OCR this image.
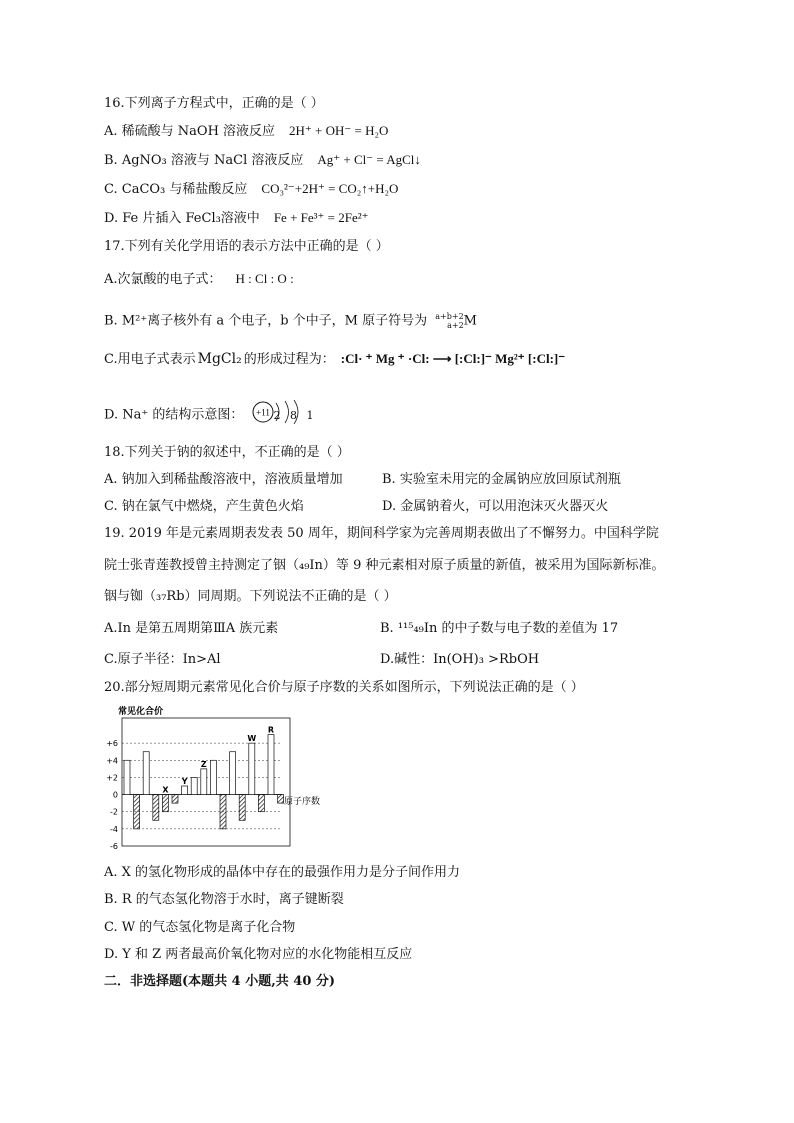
16.下列离子方程式中，正确的是（ ）
A. 稀硫酸与 NaOH 溶液反应 2H⁺ + OH⁻ = H₂O
B. AgNO₃ 溶液与 NaCl 溶液反应 Ag⁺ + Cl⁻ = AgCl↓
C. CaCO₃ 与稀盐酸反应 CO₃²⁻+2H⁺ = CO₂↑+H₂O
D. Fe 片插入 FeCl₃溶液中 Fe + Fe³⁺ = 2Fe²⁺
17.下列有关化学用语的表示方法中正确的是（ ）
A.次氯酸的电子式： H : Cl : O :
B. M²⁺离子核外有 a 个电子，b 个中子，M 原子符号为 a+b+2
a+2M
C.用电子式表示 MgCl₂ 的形成过程为： :Cl· ⁺ Mg ⁺ ·Cl: ⟶ [:Cl:]⁻ Mg²⁺ [:Cl:]⁻
D. Na⁺ 的结构示意图： +11 2 8 1
18.下列关于钠的叙述中，不正确的是（ ）
A. 钠加入到稀盐酸溶液中，溶液质量增加	B. 实验室未用完的金属钠应放回原试剂瓶
C. 钠在氯气中燃烧，产生黄色火焰	D. 金属钠着火，可以用泡沫灭火器灭火
19. 2019 年是元素周期表发表 50 周年，期间科学家为完善周期表做出了不懈努力。中国科学院
院士张青莲教授曾主持测定了铟（₄₉In）等 9 种元素相对原子质量的新值，被采用为国际新标准。
铟与铷（₃₇Rb）同周期。下列说法不正确的是（ ）
A.In 是第五周期第ⅢA 族元素	B. ¹¹⁵₄₉In 的中子数与电子数的差值为 17
C.原子半径：In>Al	D.碱性：In(OH)₃ >RbOH
20.部分短周期元素常见化合价与原子序数的关系如图所示，下列说法正确的是（ ）
常见化合价
+6
+4
+2
0
-2
-4
-6
X
Y
Z
W
R
原子序数
A. X 的氢化物形成的晶体中存在的最强作用力是分子间作用力
B. R 的气态氢化物溶于水时，离子键断裂
C. W 的气态氢化物是离子化合物
D. Y 和 Z 两者最高价氧化物对应的水化物能相互反应
二．非选择题(本题共 4 小题,共 40 分)
